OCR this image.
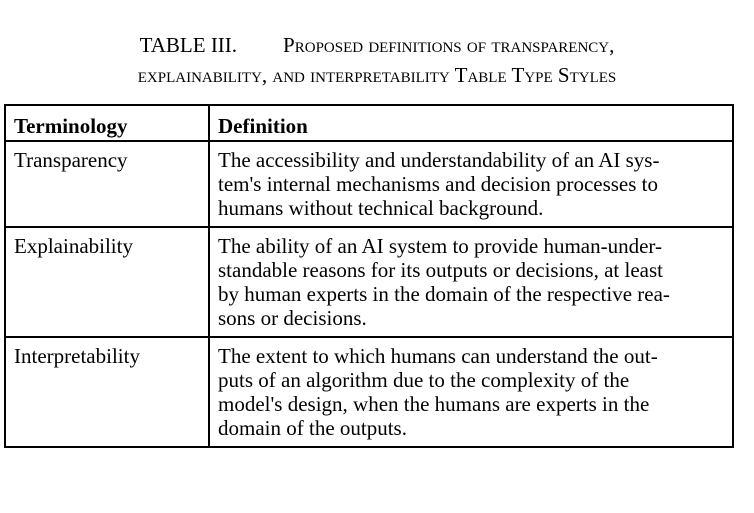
TABLE III. Proposed definitions of transparency,
explainability, and interpretability Table Type Styles
Terminology	Definition
Transparency	The accessibility and understandability of an AI sys-
tem's internal mechanisms and decision processes to
humans without technical background.

Explainability	The ability of an AI system to provide human-under-
standable reasons for its outputs or decisions, at least
by human experts in the domain of the respective rea-
sons or decisions.

Interpretability	The extent to which humans can understand the out-
puts of an algorithm due to the complexity of the
model's design, when the humans are experts in the
domain of the outputs.
